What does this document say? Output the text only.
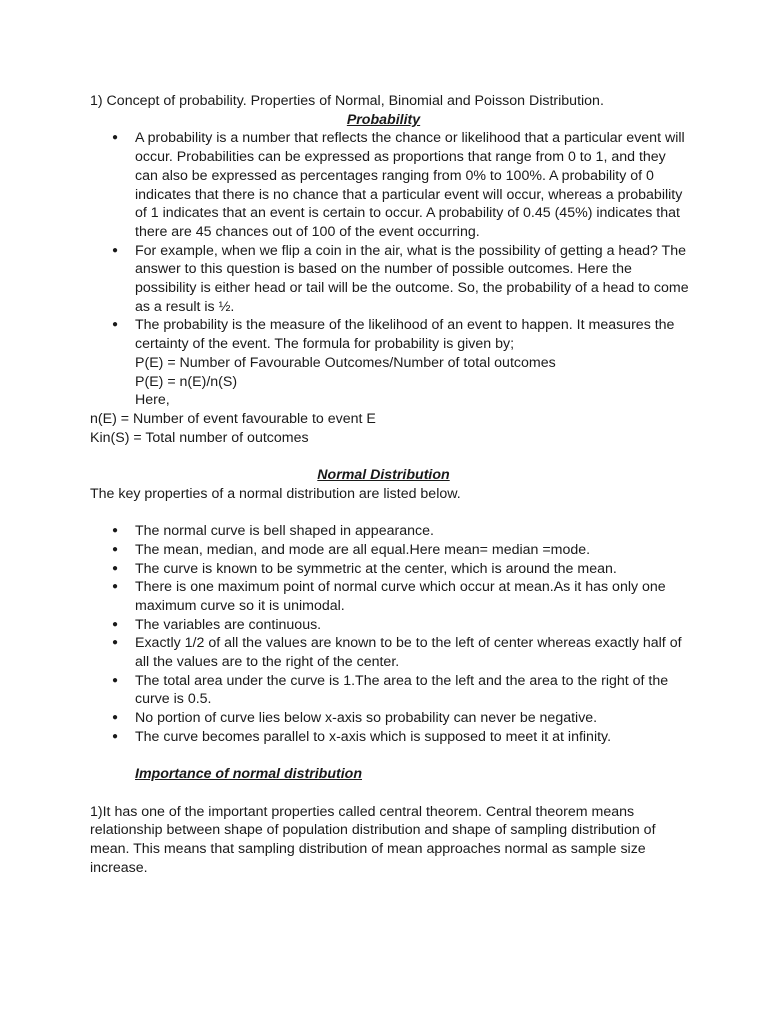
1) Concept of probability. Properties of Normal, Binomial and Poisson Distribution.

Probability

● A probability is a number that reflects the chance or likelihood that a particular event will occur. Probabilities can be expressed as proportions that range from 0 to 1, and they can also be expressed as percentages ranging from 0% to 100%. A probability of 0 indicates that there is no chance that a particular event will occur, whereas a probability of 1 indicates that an event is certain to occur. A probability of 0.45 (45%) indicates that there are 45 chances out of 100 of the event occurring.
● For example, when we flip a coin in the air, what is the possibility of getting a head? The answer to this question is based on the number of possible outcomes. Here the possibility is either head or tail will be the outcome. So, the probability of a head to come as a result is ½.
● The probability is the measure of the likelihood of an event to happen. It measures the certainty of the event. The formula for probability is given by;

P(E) = Number of Favourable Outcomes/Number of total outcomes

P(E) = n(E)/n(S)

Here,

n(E) = Number of event favourable to event E

Kin(S) = Total number of outcomes

Normal Distribution

The key properties of a normal distribution are listed below.

● The normal curve is bell shaped in appearance.
● The mean, median, and mode are all equal.Here mean= median =mode.
● The curve is known to be symmetric at the center, which is around the mean.
● There is one maximum point of normal curve which occur at mean.As it has only one maximum curve so it is unimodal.
● The variables are continuous.
● Exactly 1/2 of all the values are known to be to the left of center whereas exactly half of all the values are to the right of the center.
● The total area under the curve is 1.The area to the left and the area to the right of the curve is 0.5.
● No portion of curve lies below x-axis so probability can never be negative.
● The curve becomes parallel to x-axis which is supposed to meet it at infinity.

Importance of normal distribution

1)It has one of the important properties called central theorem. Central theorem means relationship between shape of population distribution and shape of sampling distribution of mean. This means that sampling distribution of mean approaches normal as sample size increase.
